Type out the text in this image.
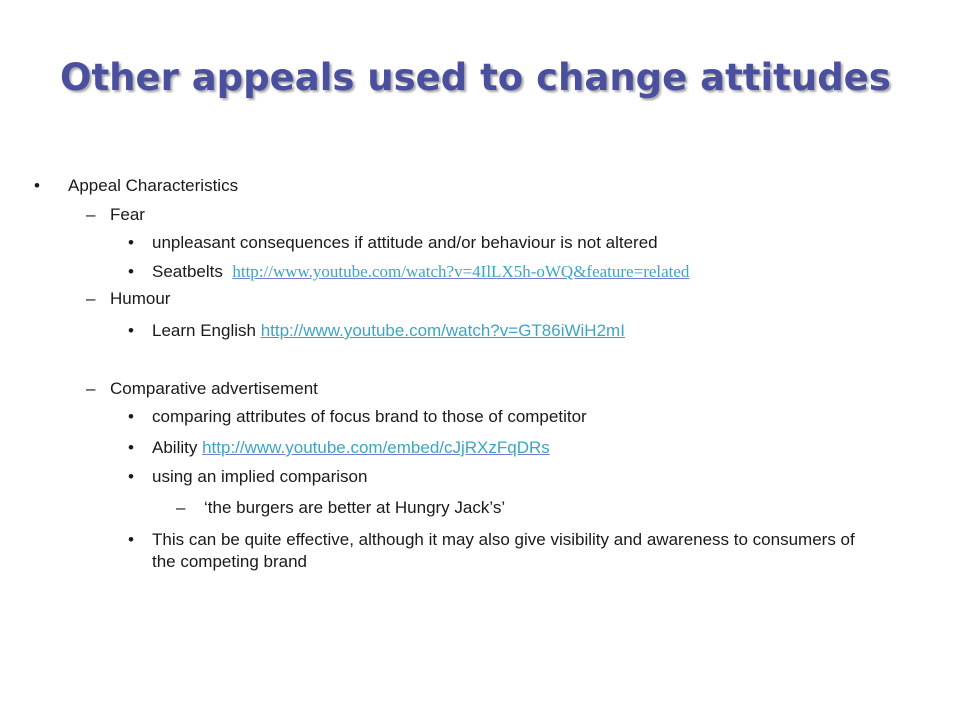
Other appeals used to change attitudes
• Appeal Characteristics
– Fear
• unpleasant consequences if attitude and/or behaviour is not altered
• Seatbelts http://www.youtube.com/watch?v=4IlLX5h-oWQ&feature=related
– Humour
• Learn English http://www.youtube.com/watch?v=GT86iWiH2mI
– Comparative advertisement
• comparing attributes of focus brand to those of competitor
• Ability http://www.youtube.com/embed/cJjRXzFqDRs
• using an implied comparison
– ‘the burgers are better at Hungry Jack’s’
• This can be quite effective, although it may also give visibility and awareness to consumers of the competing brand
